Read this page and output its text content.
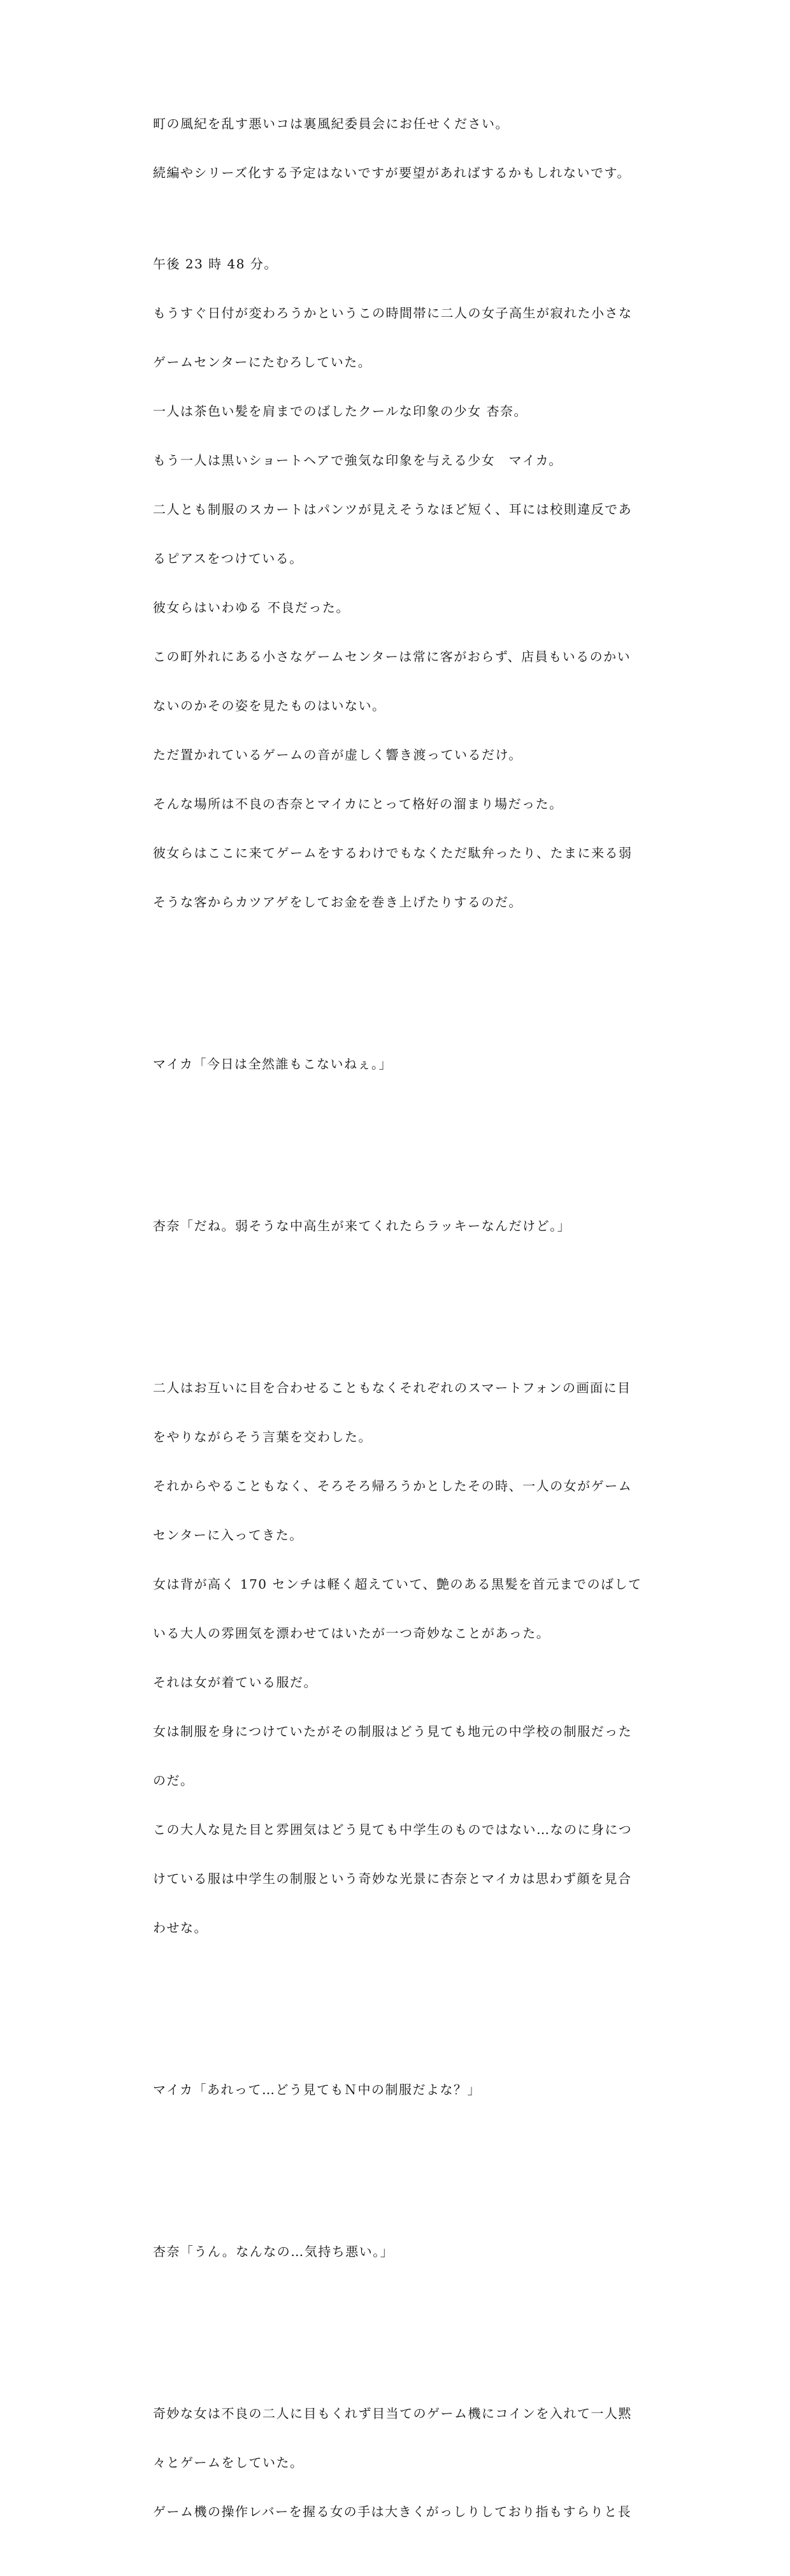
町の風紀を乱す悪いコは裏風紀委員会にお任せください。

続編やシリーズ化する予定はないですが要望があればするかもしれないです。

午後 23 時 48 分。

もうすぐ日付が変わろうかというこの時間帯に二人の女子高生が寂れた小さな

ゲームセンターにたむろしていた。

一人は茶色い髪を肩までのばしたクールな印象の少女 杏奈。

もう一人は黒いショートヘアで強気な印象を与える少女　マイカ。

二人とも制服のスカートはパンツが見えそうなほど短く、耳には校則違反であ

るピアスをつけている。

彼女らはいわゆる 不良だった。

この町外れにある小さなゲームセンターは常に客がおらず、店員もいるのかい

ないのかその姿を見たものはいない。

ただ置かれているゲームの音が虚しく響き渡っているだけ。

そんな場所は不良の杏奈とマイカにとって格好の溜まり場だった。

彼女らはここに来てゲームをするわけでもなくただ駄弁ったり、たまに来る弱

そうな客からカツアゲをしてお金を巻き上げたりするのだ。

マイカ「今日は全然誰もこないねぇ。」

杏奈「だね。弱そうな中高生が来てくれたらラッキーなんだけど。」

二人はお互いに目を合わせることもなくそれぞれのスマートフォンの画面に目

をやりながらそう言葉を交わした。

それからやることもなく、そろそろ帰ろうかとしたその時、一人の女がゲーム

センターに入ってきた。

女は背が高く 170 センチは軽く超えていて、艶のある黒髪を首元までのばして

いる大人の雰囲気を漂わせてはいたが一つ奇妙なことがあった。

それは女が着ている服だ。

女は制服を身につけていたがその制服はどう見ても地元の中学校の制服だった

のだ。

この大人な見た目と雰囲気はどう見ても中学生のものではない…なのに身につ

けている服は中学生の制服という奇妙な光景に杏奈とマイカは思わず顔を見合

わせな。

マイカ「あれって…どう見てもＮ中の制服だよな？」

杏奈「うん。なんなの…気持ち悪い。」

奇妙な女は不良の二人に目もくれず目当てのゲーム機にコインを入れて一人黙

々とゲームをしていた。

ゲーム機の操作レバーを握る女の手は大きくがっしりしており指もすらりと長
